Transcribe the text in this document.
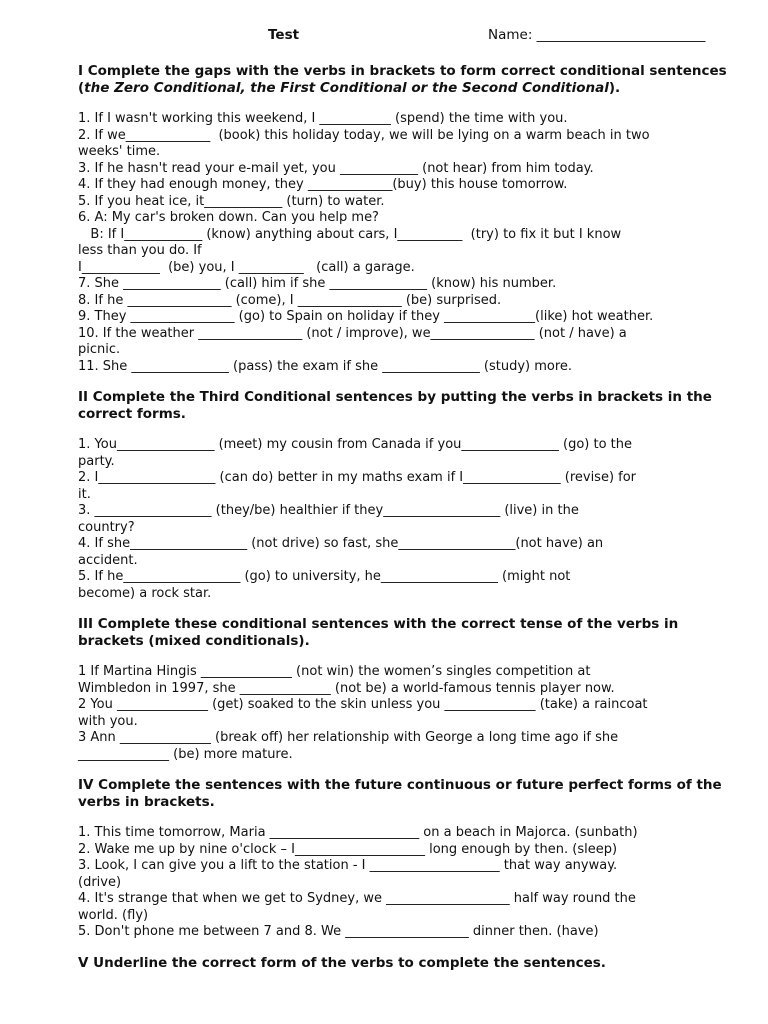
Test	Name: _________________________
I Complete the gaps with the verbs in brackets to form correct conditional sentences (the Zero Conditional, the First Conditional or the Second Conditional).
1. If I wasn't working this weekend, I ___________ (spend) the time with you.
2. If we_____________  (book) this holiday today, we will be lying on a warm beach in two
weeks' time.
3. If he hasn't read your e-mail yet, you ____________ (not hear) from him today.
4. If they had enough money, they _____________(buy) this house tomorrow.
5. If you heat ice, it____________ (turn) to water.
6. A: My car's broken down. Can you help me?
B: If I____________ (know) anything about cars, I__________  (try) to fix it but I know
less than you do. If
I____________  (be) you, I __________   (call) a garage.
7. She _______________ (call) him if she _______________ (know) his number.
8. If he ________________ (come), I ________________ (be) surprised.
9. They ________________ (go) to Spain on holiday if they ______________(like) hot weather.
10. If the weather ________________ (not / improve), we________________ (not / have) a
picnic.
11. She _______________ (pass) the exam if she _______________ (study) more.
II Complete the Third Conditional sentences by putting the verbs in brackets in the correct forms.
1. You_______________ (meet) my cousin from Canada if you_______________ (go) to the
party.
2. I__________________ (can do) better in my maths exam if I_______________ (revise) for
it.
3. __________________ (they/be) healthier if they__________________ (live) in the
country?
4. If she__________________ (not drive) so fast, she__________________(not have) an
accident.
5. If he__________________ (go) to university, he__________________ (might not
become) a rock star.
III Complete these conditional sentences with the correct tense of the verbs in brackets (mixed conditionals).
1 If Martina Hingis ______________ (not win) the women’s singles competition at
Wimbledon in 1997, she ______________ (not be) a world-famous tennis player now.
2 You ______________ (get) soaked to the skin unless you ______________ (take) a raincoat
with you.
3 Ann ______________ (break off) her relationship with George a long time ago if she
______________ (be) more mature.
IV Complete the sentences with the future continuous or future perfect forms of the verbs in brackets.
1. This time tomorrow, Maria _______________________ on a beach in Majorca. (sunbath)
2. Wake me up by nine o'clock – I____________________ long enough by then. (sleep)
3. Look, I can give you a lift to the station - I ____________________ that way anyway.
(drive)
4. It's strange that when we get to Sydney, we ___________________ half way round the
world. (fly)
5. Don't phone me between 7 and 8. We ___________________ dinner then. (have)
V Underline the correct form of the verbs to complete the sentences.
